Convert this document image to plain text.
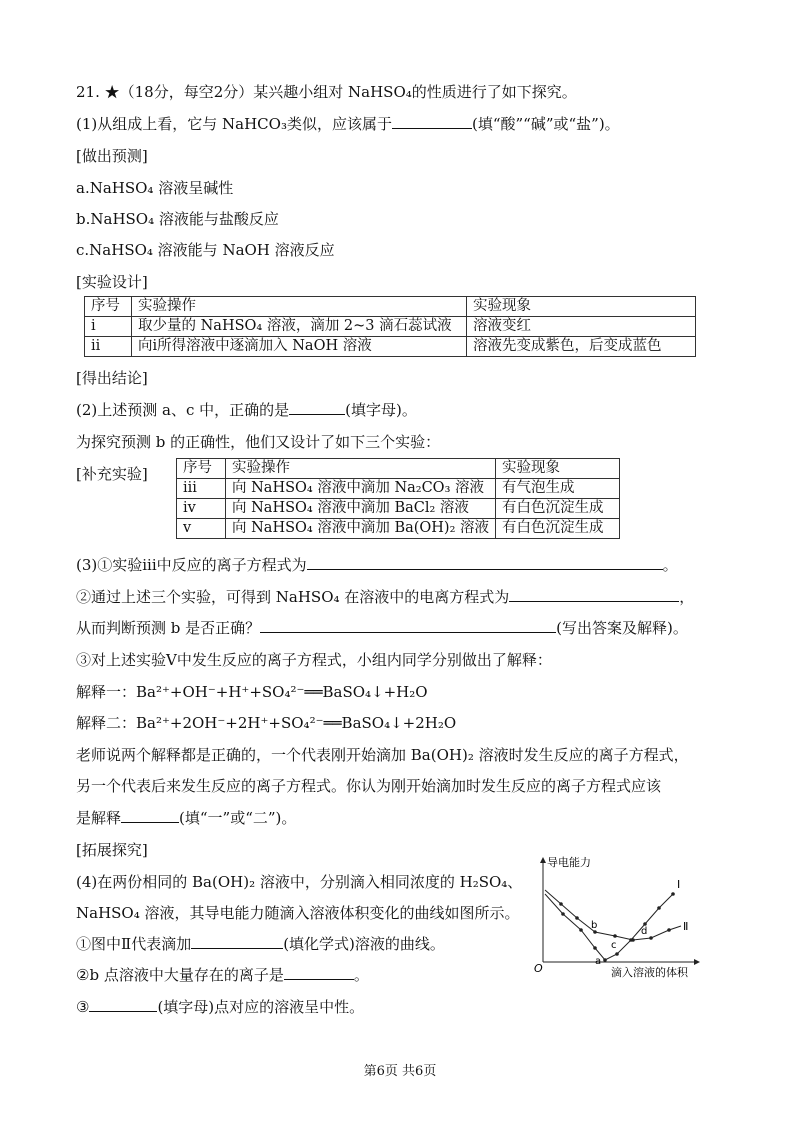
21. ★（18分，每空2分）某兴趣小组对 NaHSO₄的性质进行了如下探究。
(1)从组成上看，它与 NaHCO₃类似，应该属于	(填“酸”“碱”或“盐”)。
[做出预测]
a.NaHSO₄ 溶液呈碱性
b.NaHSO₄ 溶液能与盐酸反应
c.NaHSO₄ 溶液能与 NaOH 溶液反应
[实验设计]
序号	实验操作	实验现象
i	取少量的 NaHSO₄ 溶液，滴加 2~3 滴石蕊试液	溶液变红
ii	向i所得溶液中逐滴加入 NaOH 溶液	溶液先变成紫色，后变成蓝色
[得出结论]
(2)上述预测 a、c 中，正确的是	(填字母)。
为探究预测 b 的正确性，他们又设计了如下三个实验：
[补充实验] 序号	实验操作	实验现象
iii	向 NaHSO₄ 溶液中滴加 Na₂CO₃ 溶液	有气泡生成
iv	向 NaHSO₄ 溶液中滴加 BaCl₂ 溶液	有白色沉淀生成
v	向 NaHSO₄ 溶液中滴加 Ba(OH)₂ 溶液	有白色沉淀生成
(3)①实验iii中反应的离子方程式为	。
②通过上述三个实验，可得到 NaHSO₄ 在溶液中的电离方程式为	，
从而判断预测 b 是否正确？	(写出答案及解释)。
③对上述实验V中发生反应的离子方程式，小组内同学分别做出了解释：
解释一：Ba²⁺+OH⁻+H⁺+SO₄²⁻══BaSO₄↓+H₂O
解释二：Ba²⁺+2OH⁻+2H⁺+SO₄²⁻══BaSO₄↓+2H₂O
老师说两个解释都是正确的，一个代表刚开始滴加 Ba(OH)₂ 溶液时发生反应的离子方程式，
另一个代表后来发生反应的离子方程式。你认为刚开始滴加时发生反应的离子方程式应该
是解释	(填“一”或“二”)。
[拓展探究]
(4)在两份相同的 Ba(OH)₂ 溶液中，分别滴入相同浓度的 H₂SO₄、
NaHSO₄ 溶液，其导电能力随滴入溶液体积变化的曲线如图所示。
①图中Ⅱ代表滴加	(填化学式)溶液的曲线。
②b 点溶液中大量存在的离子是	。
③	(填字母)点对应的溶液呈中性。
导电能力
滴入溶液的体积
O
Ⅰ
Ⅱ
a
b
c
d
第6页 共6页
